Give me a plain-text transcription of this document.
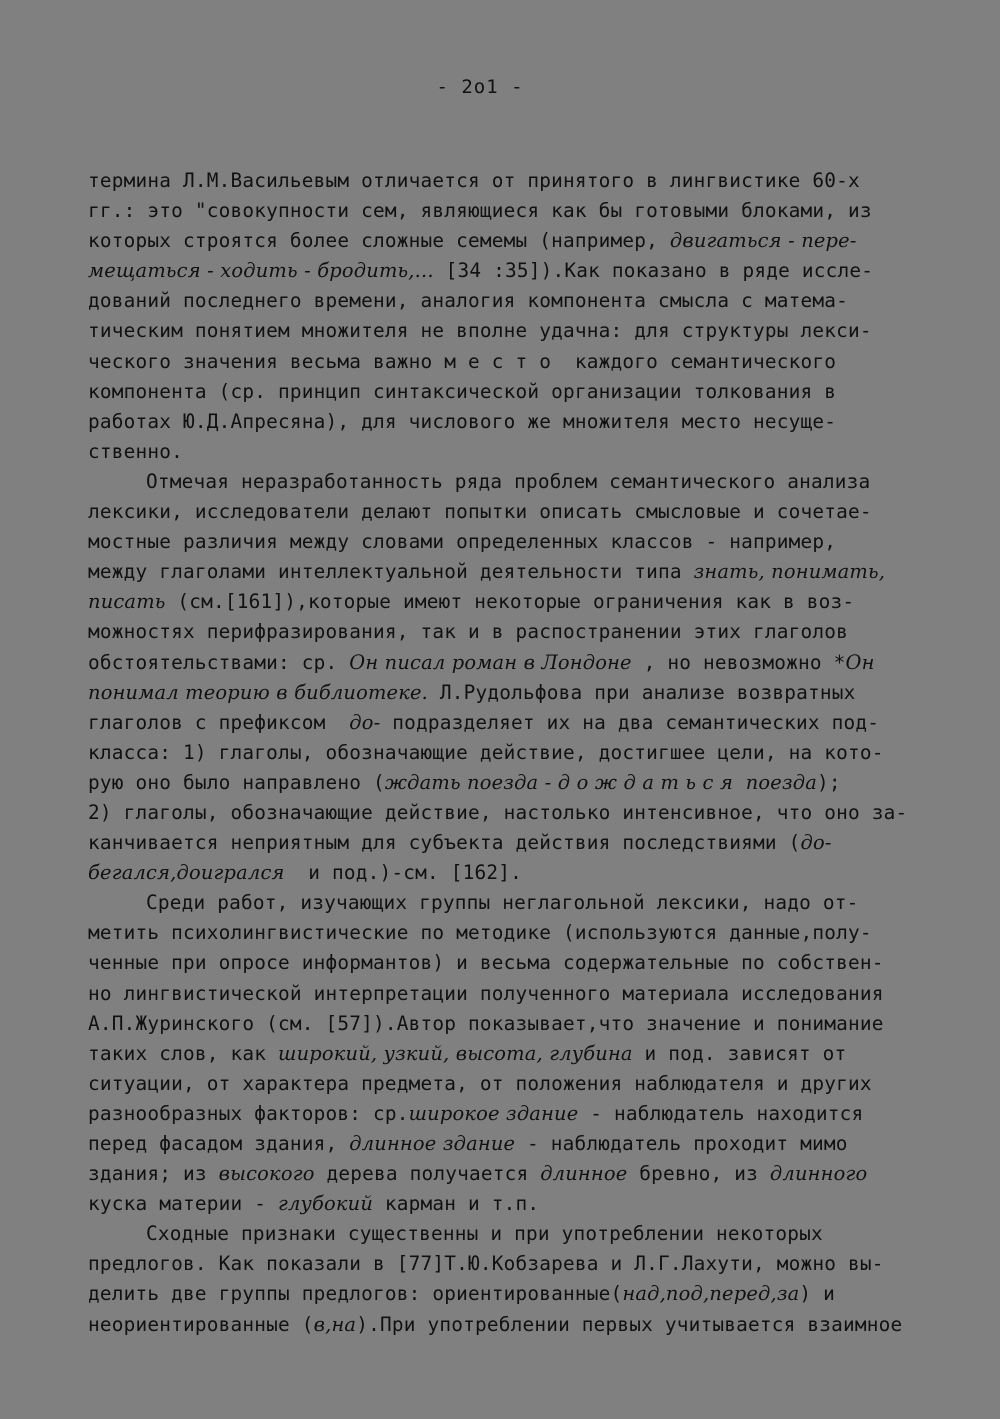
- 2o1 -
термина Л.М.Васильевым отличается от принятого в лингвистике 60-х
гг.: это "совокупности сем, являющиеся как бы готовыми блоками, из
которых строятся более сложные семемы (например, двигаться - пере-
мещаться - ходить - бродить,... [34 :35]).Как показано в ряде иссле-
дований последнего времени, аналогия компонента смысла с матема-
тическим понятием множителя не вполне удачна: для структуры лекси-
ческого значения весьма важно м е с т о  каждого семантического
компонента (ср. принцип синтаксической организации толкования в
работах Ю.Д.Апресяна), для числового же множителя место несуще-
ственно.
Отмечая неразработанность ряда проблем семантического анализа
лексики, исследователи делают попытки описать смысловые и сочетае-
мостные различия между словами определенных классов - например,
между глаголами интеллектуальной деятельности типа знать, понимать,
писать (см.[161]),которые имеют некоторые ограничения как в воз-
можностях перифразирования, так и в распостранении этих глаголов
обстоятельствами: ср. Он писал роман в Лондоне , но невозможно *Он
понимал теорию в библиотеке. Л.Рудольфова при анализе возвратных
глаголов с префиксом  до- подразделяет их на два семантических под-
класса: 1) глаголы, обозначающие действие, достигшее цели, на кото-
рую оно было направлено (ждать поезда - д о ж д а т ь с я  поезда);
2) глаголы, обозначающие действие, настолько интенсивное, что оно за-
канчивается неприятным для субъекта действия последствиями (до-
бегался,доигрался  и под.)-см. [162].
Среди работ, изучающих группы неглагольной лексики, надо от-
метить психолингвистические по методике (используются данные,полу-
ченные при опросе информантов) и весьма содержательные по собствен-
но лингвистической интерпретации полученного материала исследования
А.П.Журинского (см. [57]).Автор показывает,что значение и понимание
таких слов, как широкий, узкий, высота, глубина и под. зависят от
ситуации, от характера предмета, от положения наблюдателя и других
разнообразных факторов: ср.широкое здание - наблюдатель находится
перед фасадом здания, длинное здание - наблюдатель проходит мимо
здания; из высокого дерева получается длинное бревно, из длинного
куска материи - глубокий карман и т.п.
Сходные признаки существенны и при употреблении некоторых
предлогов. Как показали в [77]Т.Ю.Кобзарева и Л.Г.Лахути, можно вы-
делить две группы предлогов: ориентированные(над,под,перед,за) и
неориентированные (в,на).При употреблении первых учитывается взаимное
